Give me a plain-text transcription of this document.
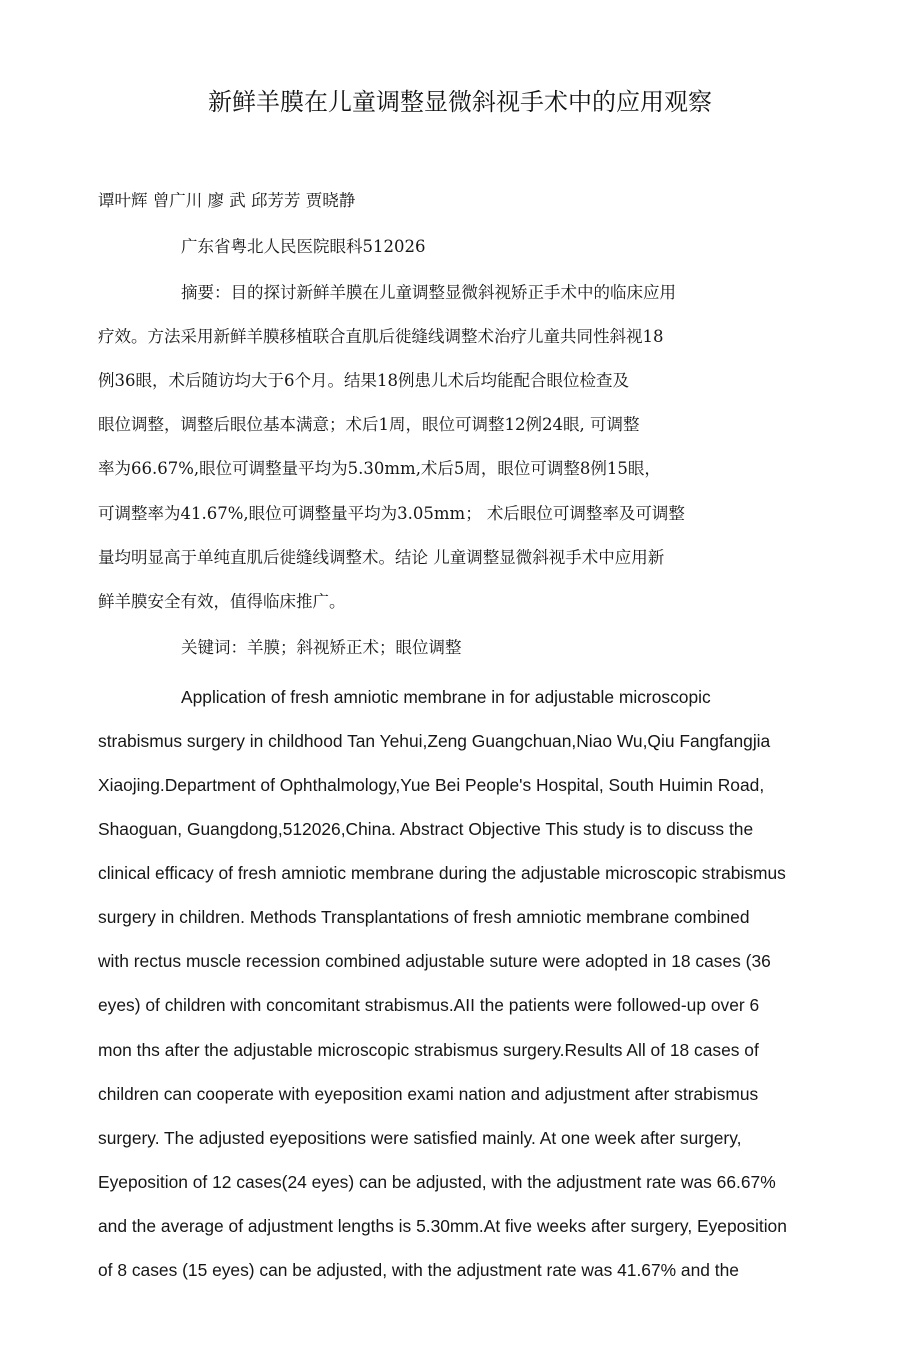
新鲜羊膜在儿童调整显微斜视手术中的应用观察
谭叶辉 曾广川 廖 武 邱芳芳 贾晓静
广东省粤北人民医院眼科512026
摘要：目的探讨新鲜羊膜在儿童调整显微斜视矫正手术中的临床应用
疗效。方法采用新鲜羊膜移植联合直肌后徙缝线调整术治疗儿童共同性斜视18
例36眼，术后随访均大于6个月。结果18例患儿术后均能配合眼位检查及
眼位调整，调整后眼位基本满意；术后1周，眼位可调整12例24眼, 可调整
率为66.67%,眼位可调整量平均为5.30mm,术后5周，眼位可调整8例15眼，
可调整率为41.67%,眼位可调整量平均为3.05mm； 术后眼位可调整率及可调整
量均明显高于单纯直肌后徙缝线调整术。结论 儿童调整显微斜视手术中应用新
鲜羊膜安全有效，值得临床推广。
关键词：羊膜；斜视矫正术；眼位调整
Application of fresh amniotic membrane in for adjustable microscopic
strabismus surgery in childhood Tan Yehui,Zeng Guangchuan,Niao Wu,Qiu Fangfangjia
Xiaojing.Department of Ophthalmology,Yue Bei People's Hospital, South Huimin Road,
Shaoguan, Guangdong,512026,China. Abstract Objective This study is to discuss the
clinical efficacy of fresh amniotic membrane during the adjustable microscopic strabismus
surgery in children. Methods Transplantations of fresh amniotic membrane combined
with rectus muscle recession combined adjustable suture were adopted in 18 cases (36
eyes) of children with concomitant strabismus.AII the patients were followed-up over 6
mon ths after the adjustable microscopic strabismus surgery.Results All of 18 cases of
children can cooperate with eyeposition exami nation and adjustment after strabismus
surgery. The adjusted eyepositions were satisfied mainly. At one week after surgery,
Eyeposition of 12 cases(24 eyes) can be adjusted, with the adjustment rate was 66.67%
and the average of adjustment lengths is 5.30mm.At five weeks after surgery, Eyeposition
of 8 cases (15 eyes) can be adjusted, with the adjustment rate was 41.67% and the
